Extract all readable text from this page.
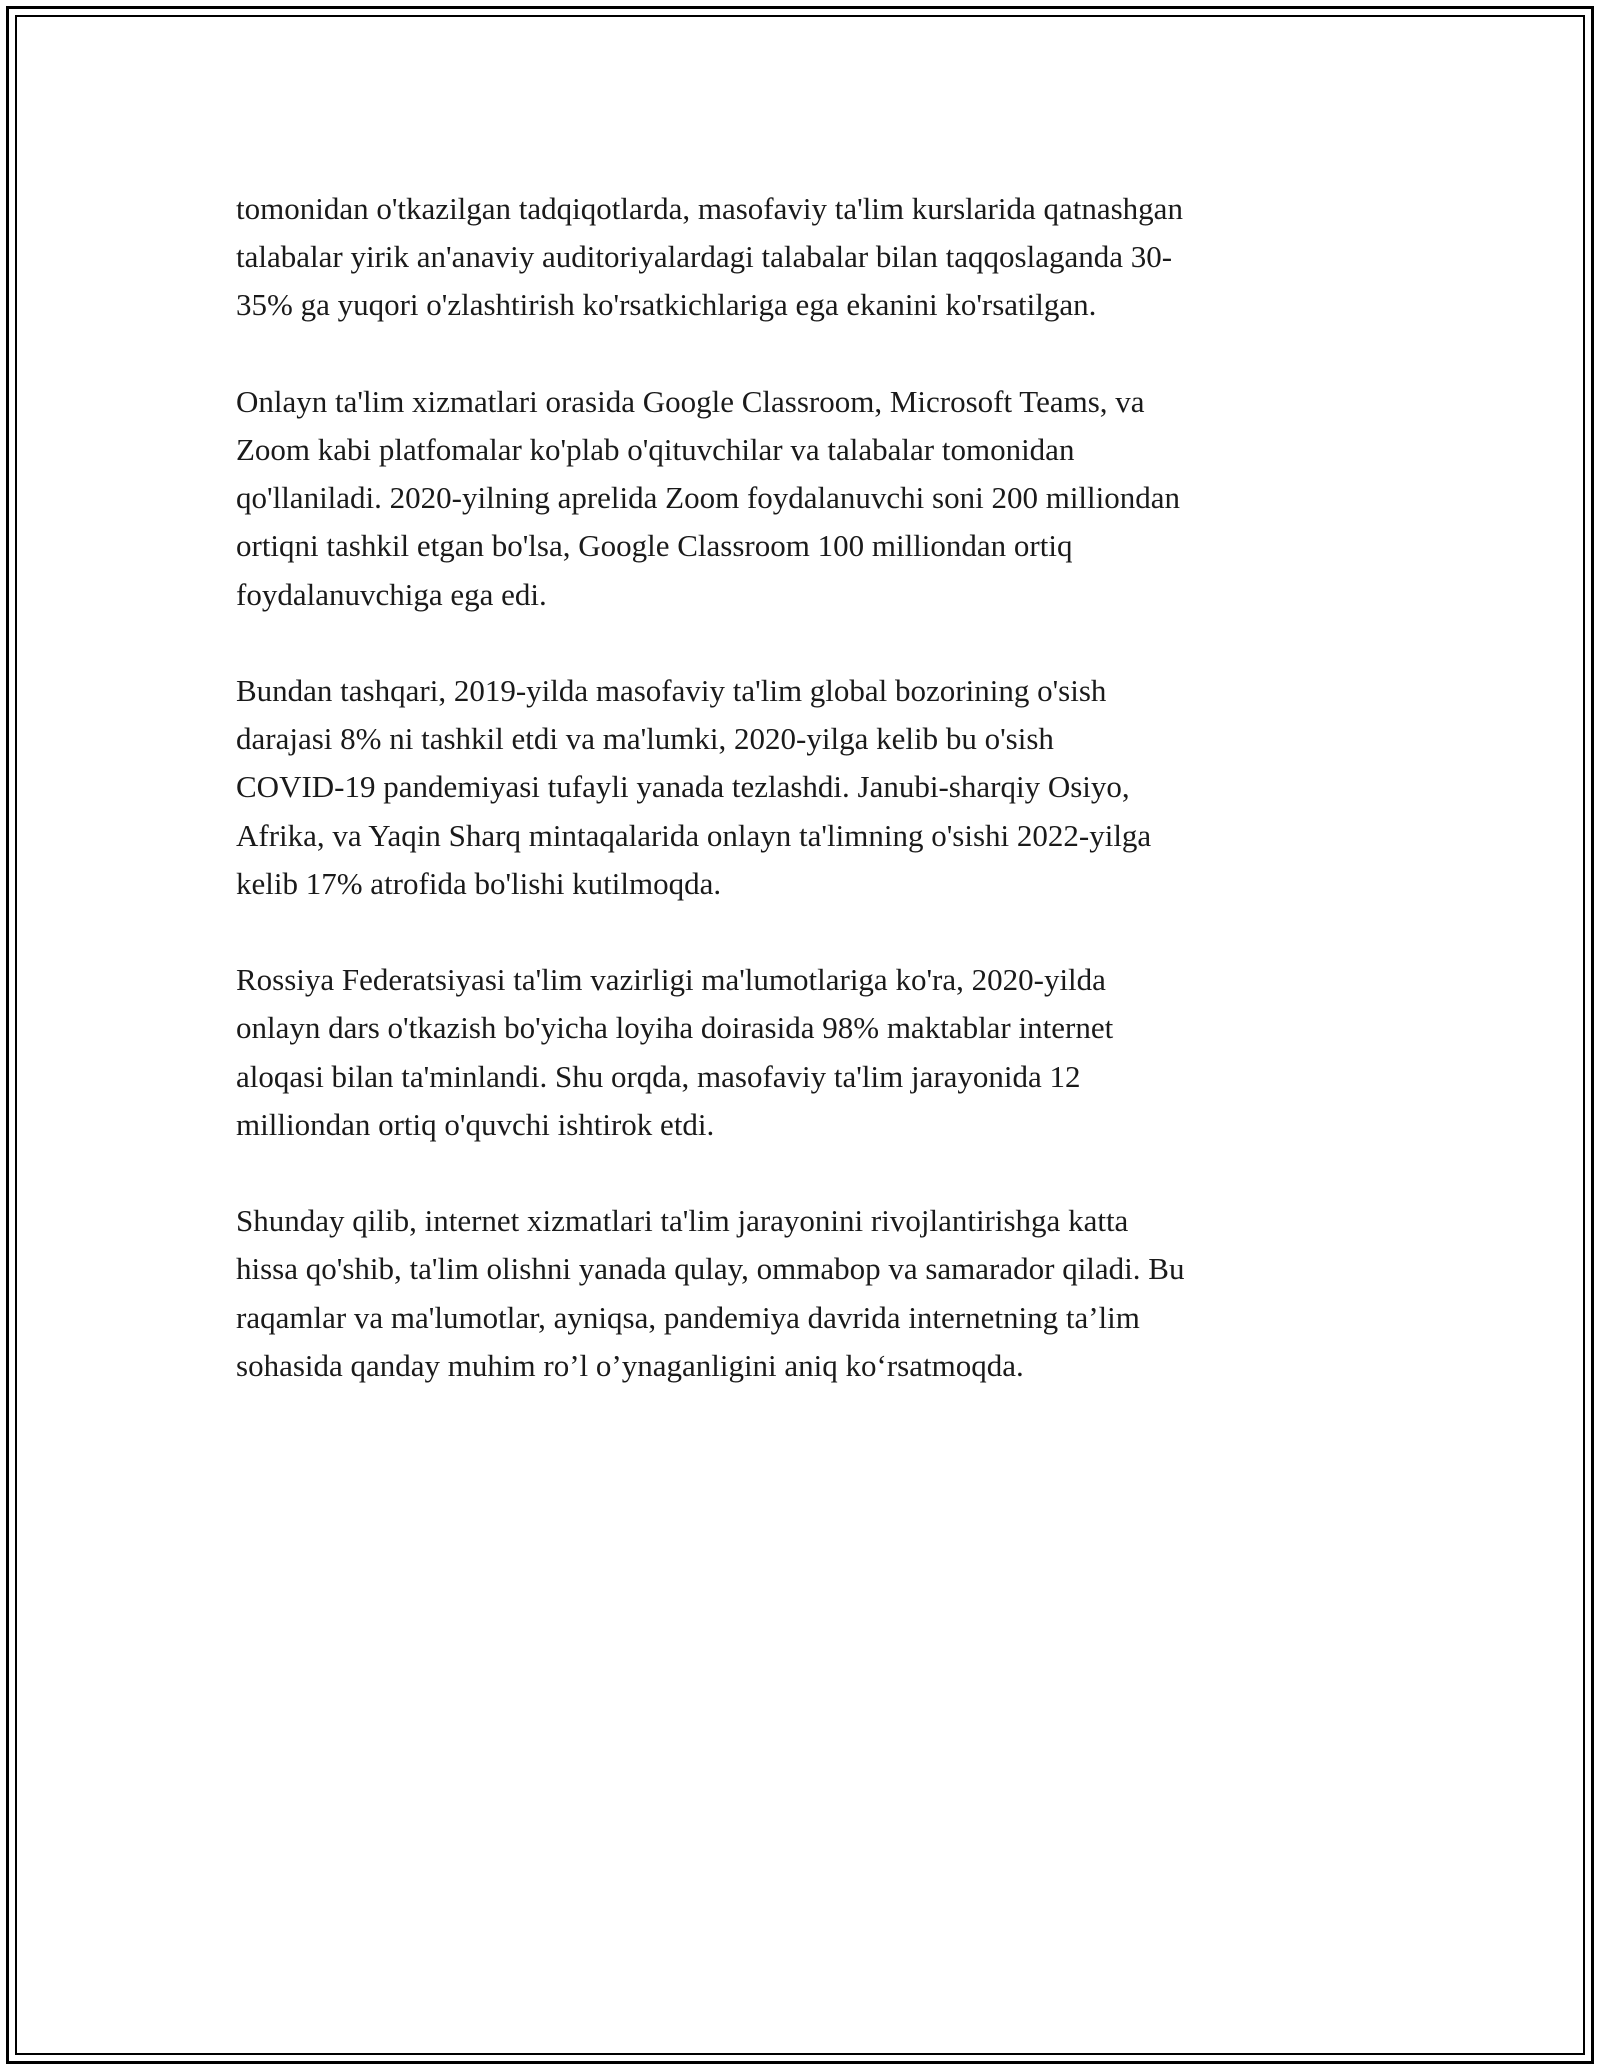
tomonidan o'tkazilgan tadqiqotlarda, masofaviy ta'lim kurslarida qatnashgan
talabalar yirik an'anaviy auditoriyalardagi talabalar bilan taqqoslaganda 30-
35% ga yuqori o'zlashtirish ko'rsatkichlariga ega ekanini ko'rsatilgan.

Onlayn ta'lim xizmatlari orasida Google Classroom, Microsoft Teams, va
Zoom kabi platfomalar ko'plab o'qituvchilar va talabalar tomonidan
qo'llaniladi. 2020-yilning aprelida Zoom foydalanuvchi soni 200 milliondan
ortiqni tashkil etgan bo'lsa, Google Classroom 100 milliondan ortiq
foydalanuvchiga ega edi.

Bundan tashqari, 2019-yilda masofaviy ta'lim global bozorining o'sish
darajasi 8% ni tashkil etdi va ma'lumki, 2020-yilga kelib bu o'sish
COVID-19 pandemiyasi tufayli yanada tezlashdi. Janubi-sharqiy Osiyo,
Afrika, va Yaqin Sharq mintaqalarida onlayn ta'limning o'sishi 2022-yilga
kelib 17% atrofida bo'lishi kutilmoqda.

Rossiya Federatsiyasi ta'lim vazirligi ma'lumotlariga ko'ra, 2020-yilda
onlayn dars o'tkazish bo'yicha loyiha doirasida 98% maktablar internet
aloqasi bilan ta'minlandi. Shu orqda, masofaviy ta'lim jarayonida 12
milliondan ortiq o'quvchi ishtirok etdi.

Shunday qilib, internet xizmatlari ta'lim jarayonini rivojlantirishga katta
hissa qo'shib, ta'lim olishni yanada qulay, ommabop va samarador qiladi. Bu
raqamlar va ma'lumotlar, ayniqsa, pandemiya davrida internetning ta’lim
sohasida qanday muhim ro’l o’ynaganligini aniq ko‘rsatmoqda.
